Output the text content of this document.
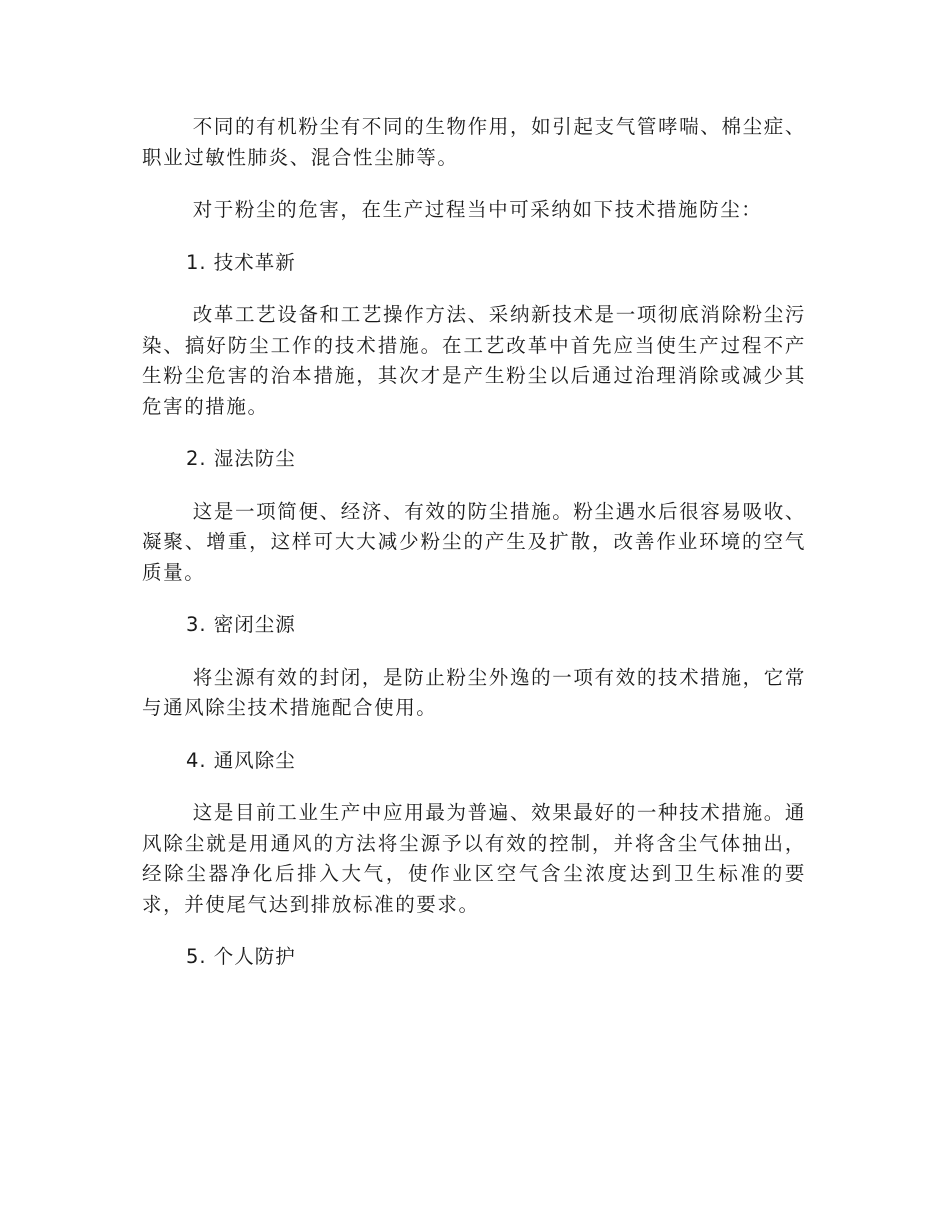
不同的有机粉尘有不同的生物作用，如引起支气管哮喘、棉尘症、职业过敏性肺炎、混合性尘肺等。

对于粉尘的危害，在生产过程当中可采纳如下技术措施防尘：

1. 技术革新

改革工艺设备和工艺操作方法、采纳新技术是一项彻底消除粉尘污染、搞好防尘工作的技术措施。在工艺改革中首先应当使生产过程不产生粉尘危害的治本措施，其次才是产生粉尘以后通过治理消除或减少其危害的措施。

2. 湿法防尘

这是一项简便、经济、有效的防尘措施。粉尘遇水后很容易吸收、凝聚、增重，这样可大大减少粉尘的产生及扩散，改善作业环境的空气质量。

3. 密闭尘源

将尘源有效的封闭，是防止粉尘外逸的一项有效的技术措施，它常与通风除尘技术措施配合使用。

4. 通风除尘

这是目前工业生产中应用最为普遍、效果最好的一种技术措施。通风除尘就是用通风的方法将尘源予以有效的控制，并将含尘气体抽出，经除尘器净化后排入大气，使作业区空气含尘浓度达到卫生标准的要求，并使尾气达到排放标准的要求。

5. 个人防护
